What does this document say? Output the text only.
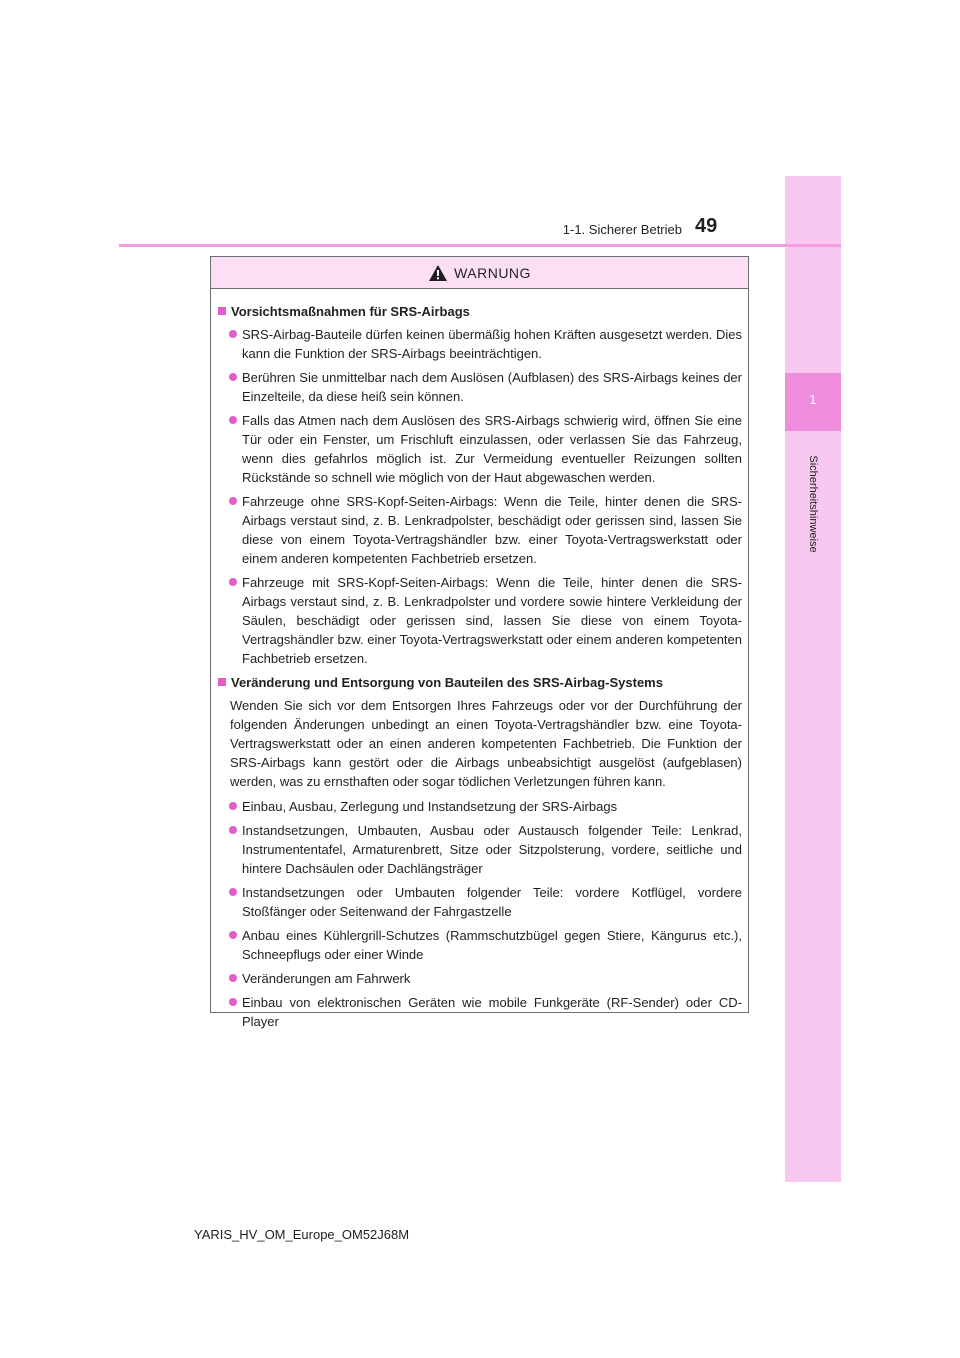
1
Sicherheitshinweise
1-1. Sicherer Betrieb 49
WARNUNG
Vorsichtsmaßnahmen für SRS-Airbags
SRS-Airbag-Bauteile dürfen keinen übermäßig hohen Kräften ausgesetzt werden. Dies kann die Funktion der SRS-Airbags beeinträchtigen.
Berühren Sie unmittelbar nach dem Auslösen (Aufblasen) des SRS-Airbags keines der Einzelteile, da diese heiß sein können.
Falls das Atmen nach dem Auslösen des SRS-Airbags schwierig wird, öffnen Sie eine Tür oder ein Fenster, um Frischluft einzulassen, oder verlassen Sie das Fahrzeug, wenn dies gefahrlos möglich ist. Zur Vermeidung eventueller Reizungen sollten Rückstände so schnell wie möglich von der Haut abgewaschen werden.
Fahrzeuge ohne SRS-Kopf-Seiten-Airbags: Wenn die Teile, hinter denen die SRS-Airbags verstaut sind, z. B. Lenkradpolster, beschädigt oder gerissen sind, lassen Sie diese von einem Toyota-Vertragshändler bzw. einer Toyota-Vertragswerkstatt oder einem anderen kompetenten Fachbetrieb ersetzen.
Fahrzeuge mit SRS-Kopf-Seiten-Airbags: Wenn die Teile, hinter denen die SRS-Airbags verstaut sind, z. B. Lenkradpolster und vordere sowie hintere Verkleidung der Säulen, beschädigt oder gerissen sind, lassen Sie diese von einem Toyota-Vertragshändler bzw. einer Toyota-Vertragswerkstatt oder einem anderen kompetenten Fachbetrieb ersetzen.
Veränderung und Entsorgung von Bauteilen des SRS-Airbag-Systems
Wenden Sie sich vor dem Entsorgen Ihres Fahrzeugs oder vor der Durchführung der folgenden Änderungen unbedingt an einen Toyota-Vertragshändler bzw. eine Toyota-Vertragswerkstatt oder an einen anderen kompetenten Fachbetrieb. Die Funktion der SRS-Airbags kann gestört oder die Airbags unbeabsichtigt ausgelöst (aufgeblasen) werden, was zu ernsthaften oder sogar tödlichen Verletzungen führen kann.
Einbau, Ausbau, Zerlegung und Instandsetzung der SRS-Airbags
Instandsetzungen, Umbauten, Ausbau oder Austausch folgender Teile: Lenkrad, Instrumententafel, Armaturenbrett, Sitze oder Sitzpolsterung, vordere, seitliche und hintere Dachsäulen oder Dachlängsträger
Instandsetzungen oder Umbauten folgender Teile: vordere Kotflügel, vordere Stoßfänger oder Seitenwand der Fahrgastzelle
Anbau eines Kühlergrill-Schutzes (Rammschutzbügel gegen Stiere, Kängurus etc.), Schneepflugs oder einer Winde
Veränderungen am Fahrwerk
Einbau von elektronischen Geräten wie mobile Funkgeräte (RF-Sender) oder CD-Player
YARIS_HV_OM_Europe_OM52J68M
